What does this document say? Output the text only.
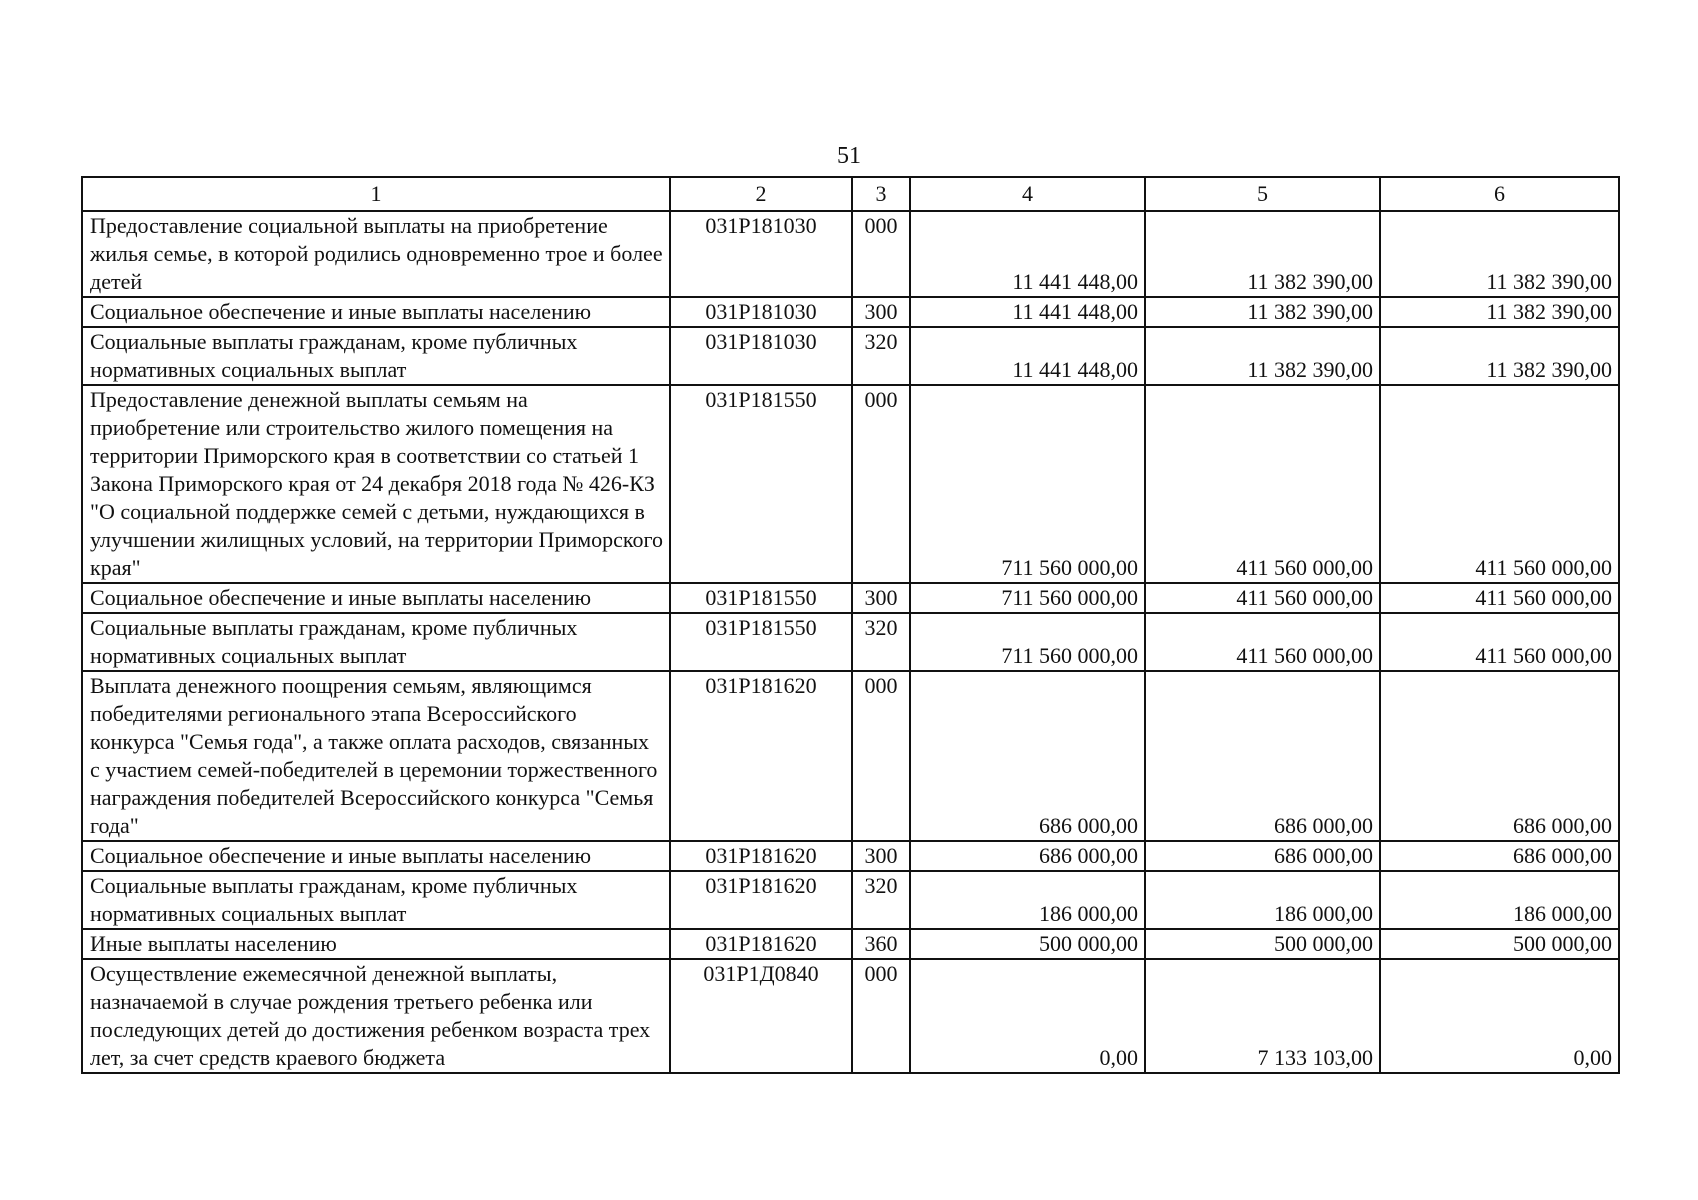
51
1	2	3	4	5	6
Предоставление социальной выплаты на приобретение жилья семье, в которой родились одновременно трое и более детей	031P181030	000	11 441 448,00	11 382 390,00	11 382 390,00
Социальное обеспечение и иные выплаты населению	031P181030	300	11 441 448,00	11 382 390,00	11 382 390,00
Социальные выплаты гражданам, кроме публичных нормативных социальных выплат	031P181030	320	11 441 448,00	11 382 390,00	11 382 390,00
Предоставление денежной выплаты семьям на приобретение или строительство жилого помещения на территории Приморского края в соответствии со статьей 1 Закона Приморского края от 24 декабря 2018 года № 426-КЗ "О социальной поддержке семей с детьми, нуждающихся в улучшении жилищных условий, на территории Приморского края"	031P181550	000	711 560 000,00	411 560 000,00	411 560 000,00
Социальное обеспечение и иные выплаты населению	031P181550	300	711 560 000,00	411 560 000,00	411 560 000,00
Социальные выплаты гражданам, кроме публичных нормативных социальных выплат	031P181550	320	711 560 000,00	411 560 000,00	411 560 000,00
Выплата денежного поощрения семьям, являющимся победителями регионального этапа Всероссийского конкурса "Семья года", а также оплата расходов, связанных с участием семей-победителей в церемонии торжественного награждения победителей Всероссийского конкурса "Семья года"	031P181620	000	686 000,00	686 000,00	686 000,00
Социальное обеспечение и иные выплаты населению	031P181620	300	686 000,00	686 000,00	686 000,00
Социальные выплаты гражданам, кроме публичных нормативных социальных выплат	031P181620	320	186 000,00	186 000,00	186 000,00
Иные выплаты населению	031P181620	360	500 000,00	500 000,00	500 000,00
Осуществление ежемесячной денежной выплаты, назначаемой в случае рождения третьего ребенка или последующих детей до достижения ребенком возраста трех лет, за счет средств краевого бюджета	031P1Д0840	000	0,00	7 133 103,00	0,00
